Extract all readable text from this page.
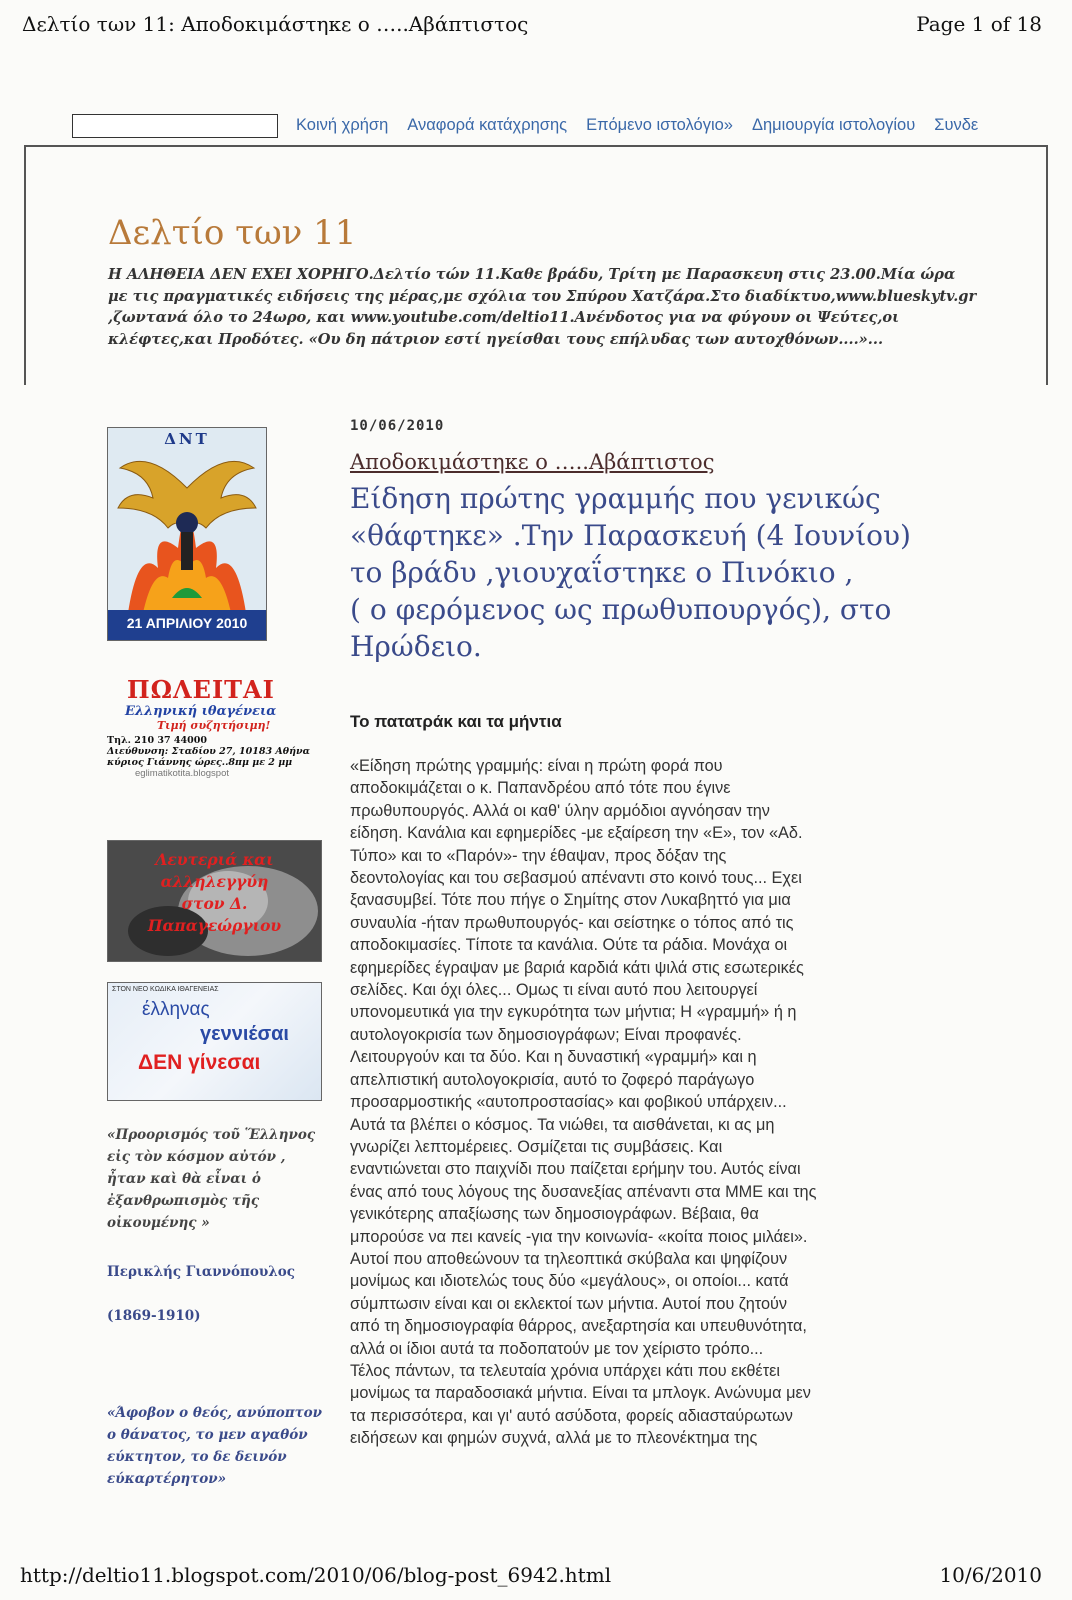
Δελτίο των 11: Αποδοκιμάστηκε ο …..Αβάπτιστος	Page 1 of 18
Κοινή χρήση Αναφορά κατάχρησης Επόμενο ιστολόγιο» Δημιουργία ιστολογίου Συνδε
Δελτίο των 11
Η ΑΛΗΘΕΙΑ ΔΕΝ ΕΧΕΙ ΧΟΡΗΓΟ.Δελτίο τών 11.Καθε βράδυ, Τρίτη με Παρασκευη στις 23.00.Μία ώρα με τις πραγματικές ειδήσεις της μέρας,με σχόλια του Σπύρου Χατζάρα.Στο διαδίκτυο,www.blueskytv.gr ,ζωντανά όλο το 24ωρο, και www.youtube.com/deltio11.Ανένδοτος για να φύγουν οι Ψεύτες,οι κλέφτες,και Προδότες. «Ου δη πάτριον εστί ηγείσθαι τους επήλυδας των αυτοχθόνων....»...
ΔΝΤ
21 ΑΠΡΙΛΙΟΥ 2010
ΠΩΛΕΙΤΑΙ
Ελληνική ιθαγένεια
Τιμή συζητήσιμη!
Τηλ. 210 37 44000
Διεύθυνση: Σταδίου 27, 10183 Αθήνα
κύριος Γιάννης ώρες..8πμ με 2 μμ
eglimatikotita.blogspot
Λευτεριά και
αλληλεγγύη
στον Δ.
Παπαγεώργιου
ΣΤΟΝ ΝΕΟ ΚΩΔΙΚΑ ΙΘΑΓΕΝΕΙΑΣ
έλληνας
γεννιέσαι
ΔΕΝ γίνεσαι
«Προορισμός τοῦ Ἕλληνος εἰς τὸν κόσμον αὐτόν , ἦταν καὶ θὰ εἶναι ὁ ἐξανθρωπισμὸς τῆς οἰκουμένης »
Περικλής Γιαννόπουλος
(1869-1910)
«Άφοβον ο θεός, ανύποπτον ο θάνατος, το μεν αγαθόν εύκτητον, το δε δεινόν εύκαρτέρητον»
10/06/2010
Αποδοκιμάστηκε ο …..Αβάπτιστος
Είδηση πρώτης γραμμής που γενικώς
«θάφτηκε» .Την Παρασκευή (4 Ιουνίου)
το βράδυ ,γιουχαΐστηκε ο Πινόκιο ,
( ο φερόμενος ως πρωθυπουργός), στο
Ηρώδειο.
Το πατατράκ και τα μήντια
«Είδηση πρώτης γραμμής: είναι η πρώτη φορά που
αποδοκιμάζεται ο κ. Παπανδρέου από τότε που έγινε
πρωθυπουργός. Αλλά οι καθ' ύλην αρμόδιοι αγνόησαν την
είδηση. Κανάλια και εφημερίδες -με εξαίρεση την «Ε», τον «Αδ.
Τύπο» και το «Παρόν»- την έθαψαν, προς δόξαν της
δεοντολογίας και του σεβασμού απέναντι στο κοινό τους... Εχει
ξανασυμβεί. Τότε που πήγε ο Σημίτης στον Λυκαβηττό για μια
συναυλία -ήταν πρωθυπουργός- και σείστηκε ο τόπος από τις
αποδοκιμασίες. Τίποτε τα κανάλια. Ούτε τα ράδια. Μονάχα οι
εφημερίδες έγραψαν με βαριά καρδιά κάτι ψιλά στις εσωτερικές
σελίδες. Και όχι όλες... Ομως τι είναι αυτό που λειτουργεί
υπονομευτικά για την εγκυρότητα των μήντια; Η «γραμμή» ή η
αυτολογοκρισία των δημοσιογράφων; Είναι προφανές.
Λειτουργούν και τα δύο. Και η δυναστική «γραμμή» και η
απελπιστική αυτολογοκρισία, αυτό το ζοφερό παράγωγο
προσαρμοστικής «αυτοπροστασίας» και φοβικού υπάρχειν...
Αυτά τα βλέπει ο κόσμος. Τα νιώθει, τα αισθάνεται, κι ας μη
γνωρίζει λεπτομέρειες. Οσμίζεται τις συμβάσεις. Και
εναντιώνεται στο παιχνίδι που παίζεται ερήμην του. Αυτός είναι
ένας από τους λόγους της δυσανεξίας απέναντι στα ΜΜΕ και της
γενικότερης απαξίωσης των δημοσιογράφων. Βέβαια, θα
μπορούσε να πει κανείς -για την κοινωνία- «κοίτα ποιος μιλάει».
Αυτοί που αποθεώνουν τα τηλεοπτικά σκύβαλα και ψηφίζουν
μονίμως και ιδιοτελώς τους δύο «μεγάλους», οι οποίοι... κατά
σύμπτωσιν είναι και οι εκλεκτοί των μήντια. Αυτοί που ζητούν
από τη δημοσιογραφία θάρρος, ανεξαρτησία και υπευθυνότητα,
αλλά οι ίδιοι αυτά τα ποδοπατούν με τον χείριστο τρόπο...
Τέλος πάντων, τα τελευταία χρόνια υπάρχει κάτι που εκθέτει
μονίμως τα παραδοσιακά μήντια. Είναι τα μπλογκ. Ανώνυμα μεν
τα περισσότερα, και γι' αυτό ασύδοτα, φορείς αδιασταύρωτων
ειδήσεων και φημών συχνά, αλλά με το πλεονέκτημα της
http://deltio11.blogspot.com/2010/06/blog-post_6942.html	10/6/2010
